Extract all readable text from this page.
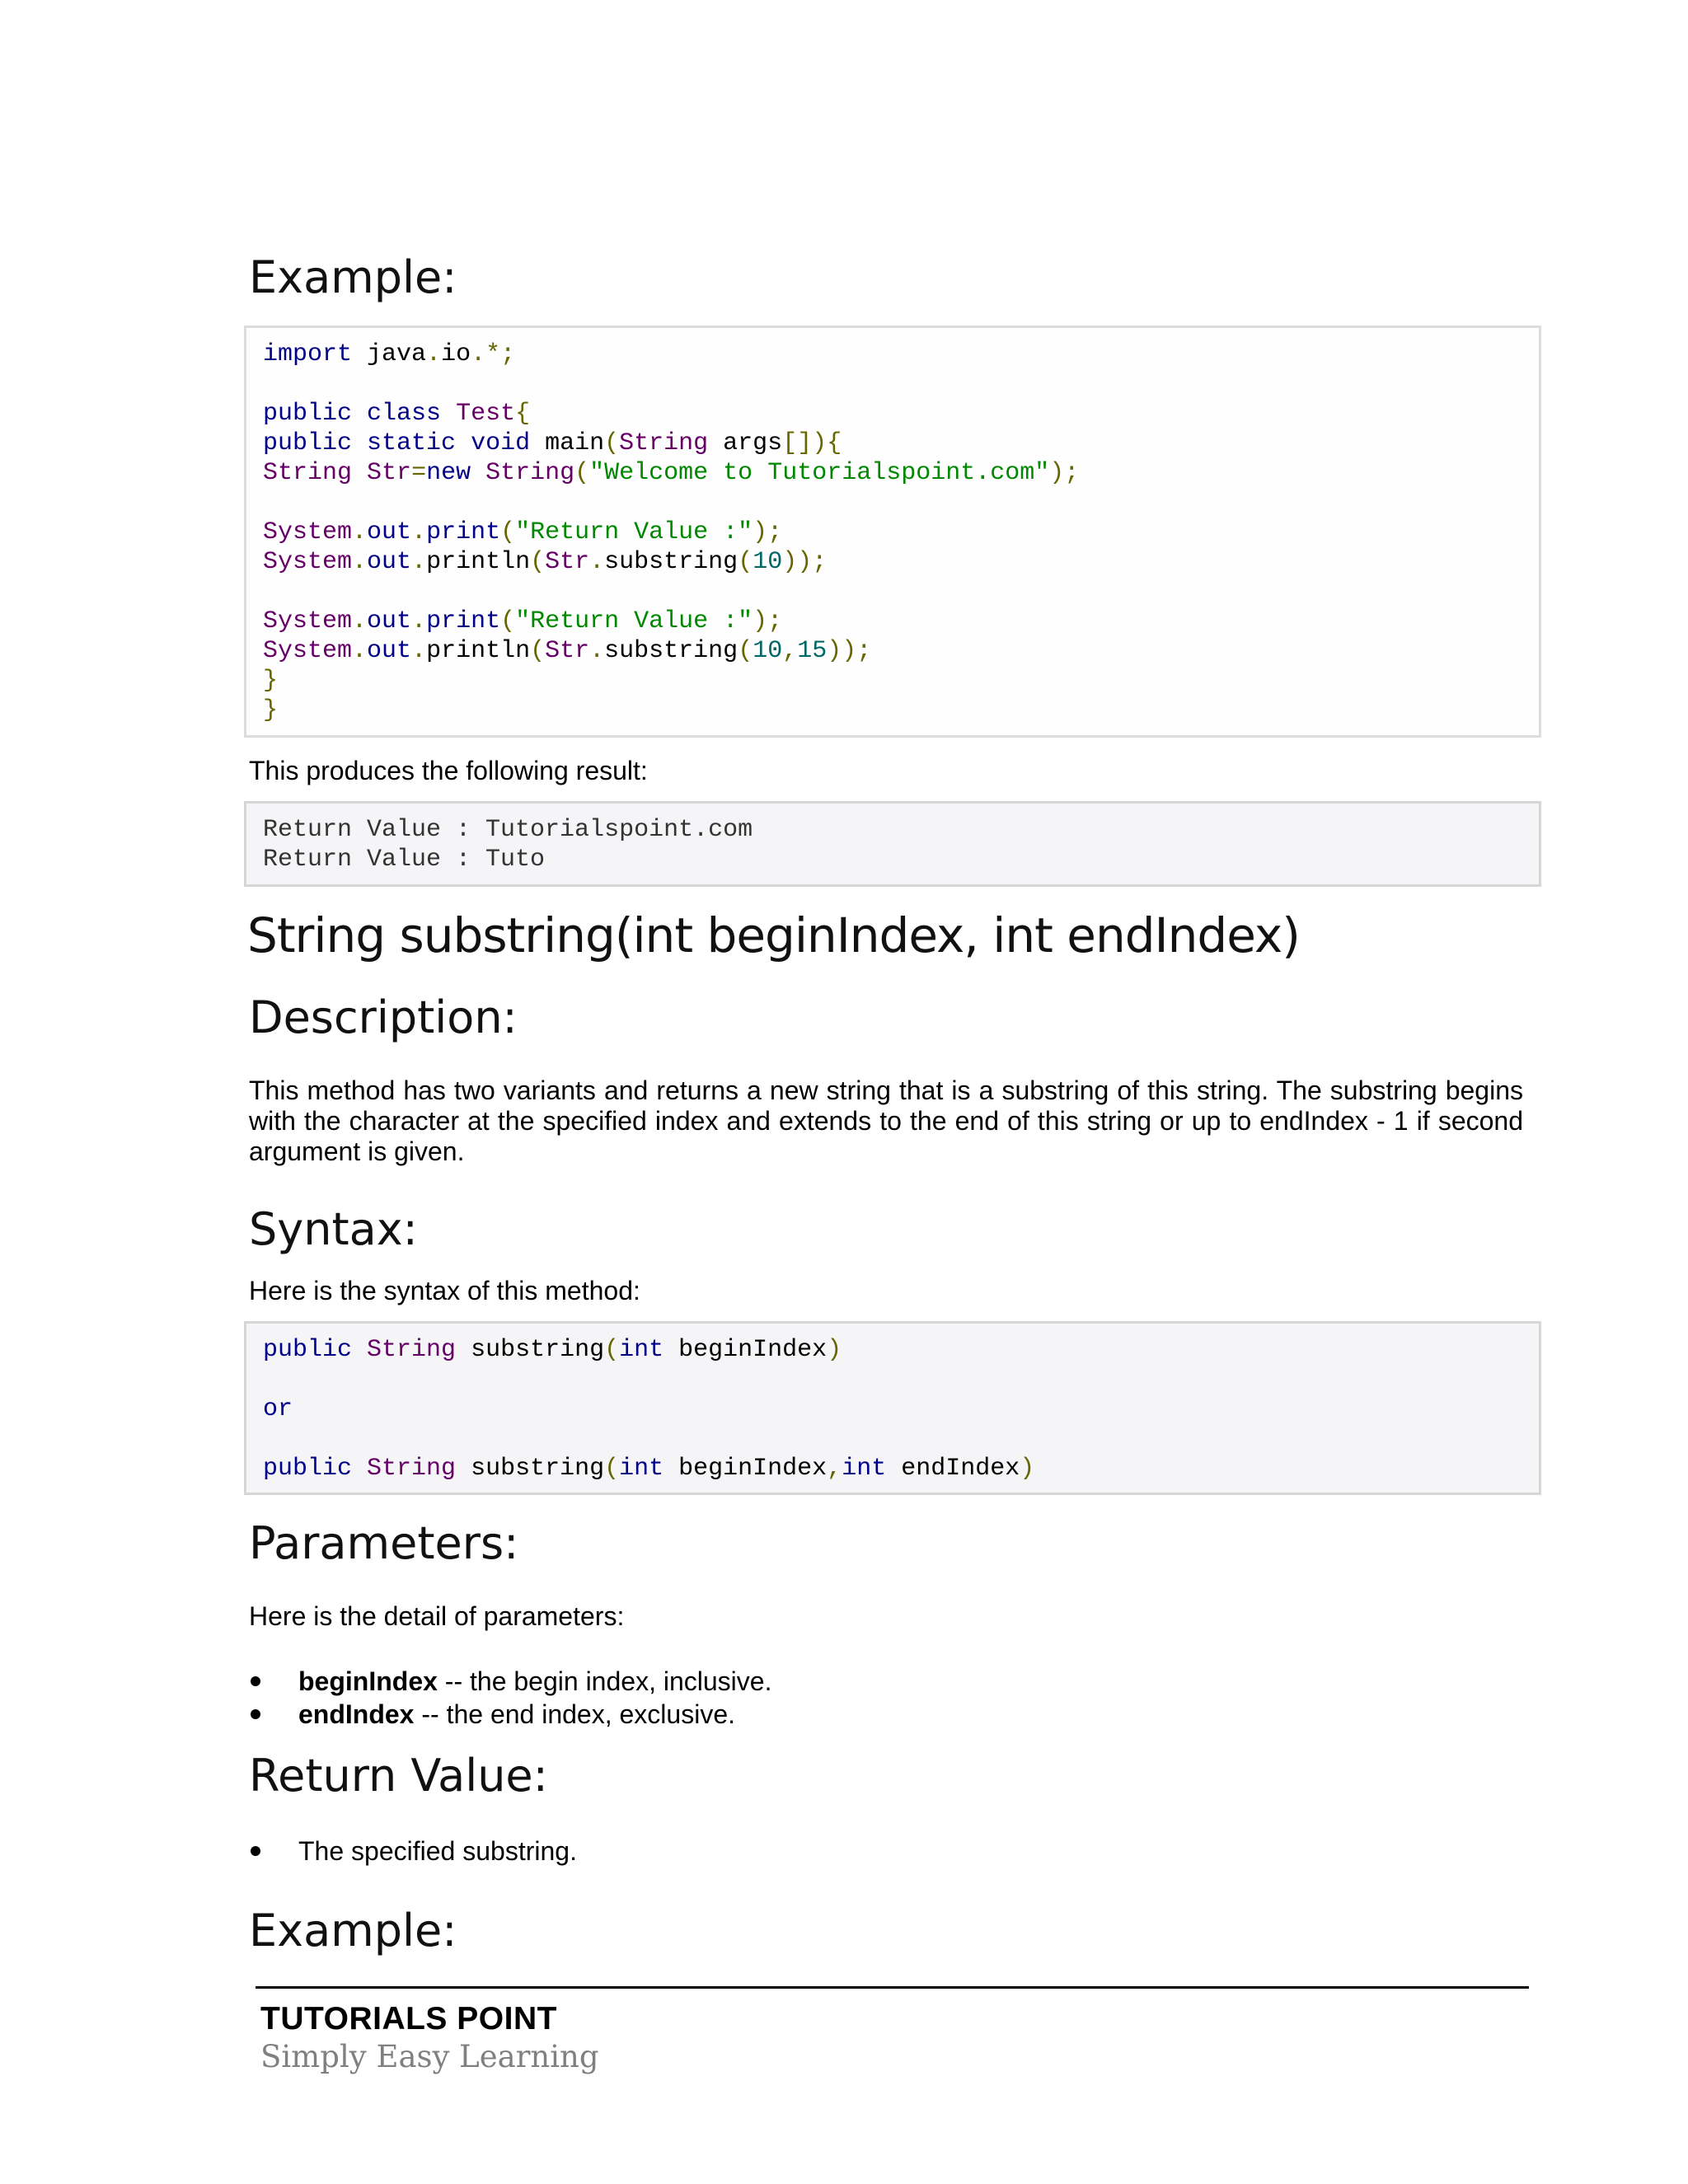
Example:
import java.io.*;

public class Test{
public static void main(String args[]){
String Str=new String("Welcome to Tutorialspoint.com");

System.out.print("Return Value :");
System.out.println(Str.substring(10));

System.out.print("Return Value :");
System.out.println(Str.substring(10,15));
}
}
This produces the following result:
Return Value : Tutorialspoint.com
Return Value : Tuto
String substring(int beginIndex, int endIndex)
Description:

This method has two variants and returns a new string that is a substring of this string. The substring begins with the character at the specified index and extends to the end of this string or up to endIndex - 1 if second argument is given.

Syntax:
Here is the syntax of this method:
public String substring(int beginIndex)

or

public String substring(int beginIndex,int endIndex)
Parameters:
Here is the detail of parameters:
beginIndex -- the begin index, inclusive.
endIndex -- the end index, exclusive.
Return Value:
The specified substring.
Example:
TUTORIALS POINT
Simply Easy Learning
